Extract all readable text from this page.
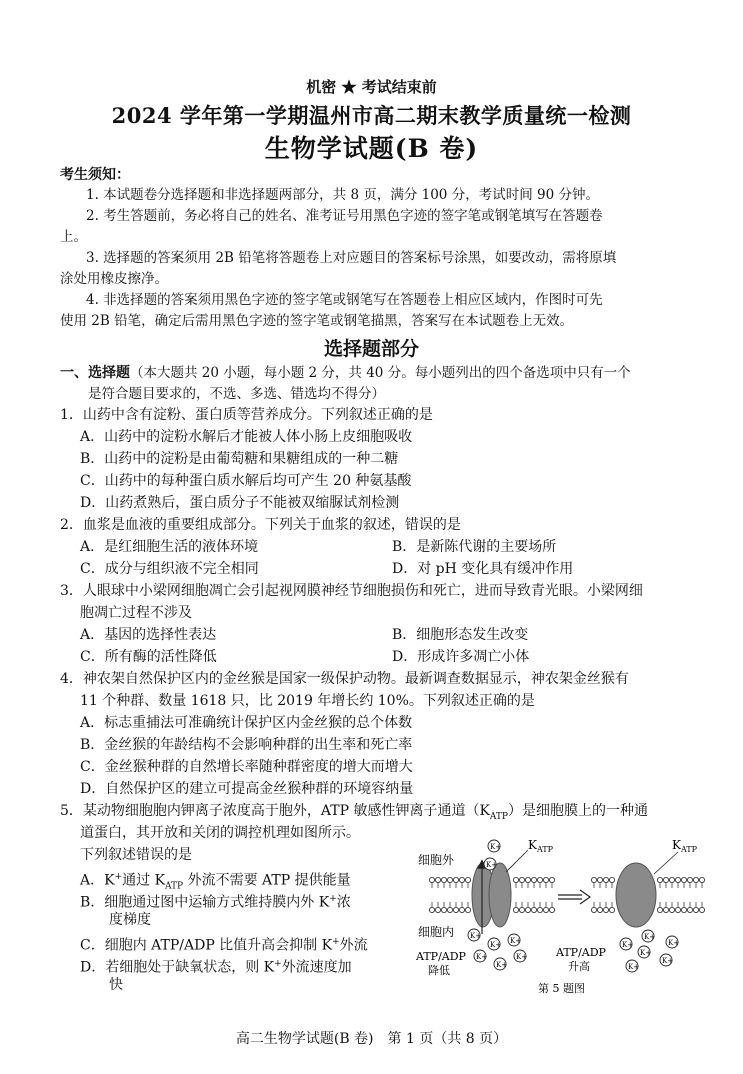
机密 ★ 考试结束前
2024 学年第一学期温州市高二期末教学质量统一检测
生物学试题(B 卷)
考生须知：
1. 本试题卷分选择题和非选择题两部分，共 8 页，满分 100 分，考试时间 90 分钟。
2. 考生答题前，务必将自己的姓名、准考证号用黑色字迹的签字笔或钢笔填写在答题卷
上。
3. 选择题的答案须用 2B 铅笔将答题卷上对应题目的答案标号涂黑，如要改动，需将原填
涂处用橡皮擦净。
4. 非选择题的答案须用黑色字迹的签字笔或钢笔写在答题卷上相应区域内，作图时可先
使用 2B 铅笔，确定后需用黑色字迹的签字笔或钢笔描黑，答案写在本试题卷上无效。
选择题部分
一、选择题（本大题共 20 小题，每小题 2 分，共 40 分。每小题列出的四个备选项中只有一个
是符合题目要求的，不选、多选、错选均不得分）
1．山药中含有淀粉、蛋白质等营养成分。下列叙述正确的是
A．山药中的淀粉水解后才能被人体小肠上皮细胞吸收
B．山药中的淀粉是由葡萄糖和果糖组成的一种二糖
C．山药中的每种蛋白质水解后均可产生 20 种氨基酸
D．山药煮熟后，蛋白质分子不能被双缩脲试剂检测
2．血浆是血液的重要组成部分。下列关于血浆的叙述，错误的是
A．是红细胞生活的液体环境	B．是新陈代谢的主要场所
C．成分与组织液不完全相同	D．对 pH 变化具有缓冲作用
3．人眼球中小梁网细胞凋亡会引起视网膜神经节细胞损伤和死亡，进而导致青光眼。小梁网细
胞凋亡过程不涉及
A．基因的选择性表达	B．细胞形态发生改变
C．所有酶的活性降低	D．形成许多凋亡小体
4．神农架自然保护区内的金丝猴是国家一级保护动物。最新调查数据显示，神农架金丝猴有
11 个种群、数量 1618 只，比 2019 年增长约 10%。下列叙述正确的是
A．标志重捕法可准确统计保护区内金丝猴的总个体数
B．金丝猴的年龄结构不会影响种群的出生率和死亡率
C．金丝猴种群的自然增长率随种群密度的增大而增大
D．自然保护区的建立可提高金丝猴种群的环境容纳量
5．某动物细胞胞内钾离子浓度高于胞外，ATP 敏感性钾离子通道$(K_{ATP})$是细胞膜上的一种通
道蛋白，其开放和关闭的调控机理如图所示。
下列叙述错误的是
A．K+通过 $K_{ATP}$ 外流不需要 ATP 提供能量
B．细胞通过图中运输方式维持膜内外 K+浓
度梯度
C．细胞内 ATP/ADP 比值升高会抑制 K+外流
D．若细胞处于缺氧状态，则 K+外流速度加
快
细胞外
细胞内
$K_{ATP}$	$K_{ATP}$
ATP/ADP
降低
ATP/ADP
升高
第 5 题图
K+
K+
K+
K+ K+
K+
K+
K+
K+
K+
K+
K+
K+
K+
高二生物学试题(B 卷)　第 1 页（共 8 页）
